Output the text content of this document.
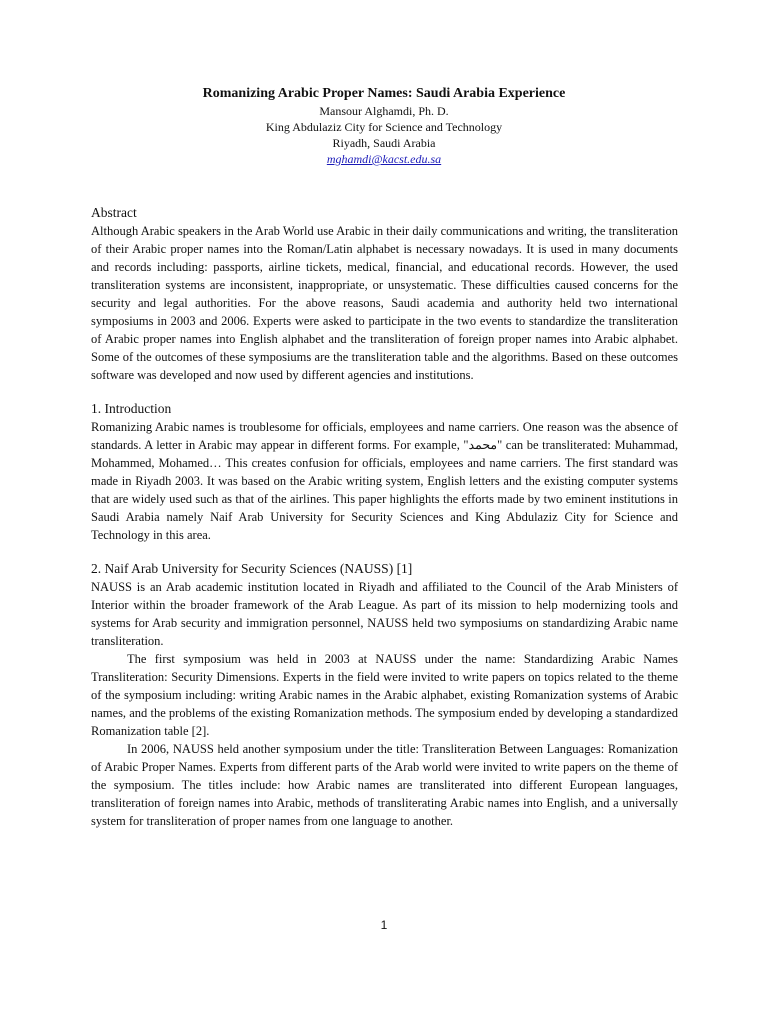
Romanizing Arabic Proper Names: Saudi Arabia Experience

Mansour Alghamdi, Ph. D.

King Abdulaziz City for Science and Technology

Riyadh, Saudi Arabia

mghamdi@kacst.edu.sa

Abstract

Although Arabic speakers in the Arab World use Arabic in their daily communications and writing, the transliteration of their Arabic proper names into the Roman/Latin alphabet is necessary nowadays. It is used in many documents and records including: passports, airline tickets, medical, financial, and educational records. However, the used transliteration systems are inconsistent, inappropriate, or unsystematic. These difficulties caused concerns for the security and legal authorities. For the above reasons, Saudi academia and authority held two international symposiums in 2003 and 2006. Experts were asked to participate in the two events to standardize the transliteration of Arabic proper names into English alphabet and the transliteration of foreign proper names into Arabic alphabet. Some of the outcomes of these symposiums are the transliteration table and the algorithms. Based on these outcomes software was developed and now used by different agencies and institutions.

1. Introduction

Romanizing Arabic names is troublesome for officials, employees and name carriers. One reason was the absence of standards. A letter in Arabic may appear in different forms. For example, "محمد" can be transliterated: Muhammad, Mohammed, Mohamed… This creates confusion for officials, employees and name carriers. The first standard was made in Riyadh 2003. It was based on the Arabic writing system, English letters and the existing computer systems that are widely used such as that of the airlines. This paper highlights the efforts made by two eminent institutions in Saudi Arabia namely Naif Arab University for Security Sciences and King Abdulaziz City for Science and Technology in this area.

2. Naif Arab University for Security Sciences (NAUSS) [1]

NAUSS is an Arab academic institution located in Riyadh and affiliated to the Council of the Arab Ministers of Interior within the broader framework of the Arab League. As part of its mission to help modernizing tools and systems for Arab security and immigration personnel, NAUSS held two symposiums on standardizing Arabic name transliteration.

The first symposium was held in 2003 at NAUSS under the name: Standardizing Arabic Names Transliteration: Security Dimensions. Experts in the field were invited to write papers on topics related to the theme of the symposium including: writing Arabic names in the Arabic alphabet, existing Romanization systems of Arabic names, and the problems of the existing Romanization methods. The symposium ended by developing a standardized Romanization table [2].

In 2006, NAUSS held another symposium under the title: Transliteration Between Languages: Romanization of Arabic Proper Names. Experts from different parts of the Arab world were invited to write papers on the theme of the symposium. The titles include: how Arabic names are transliterated into different European languages, transliteration of foreign names into Arabic, methods of transliterating Arabic names into English, and a universally system for transliteration of proper names from one language to another.

1
